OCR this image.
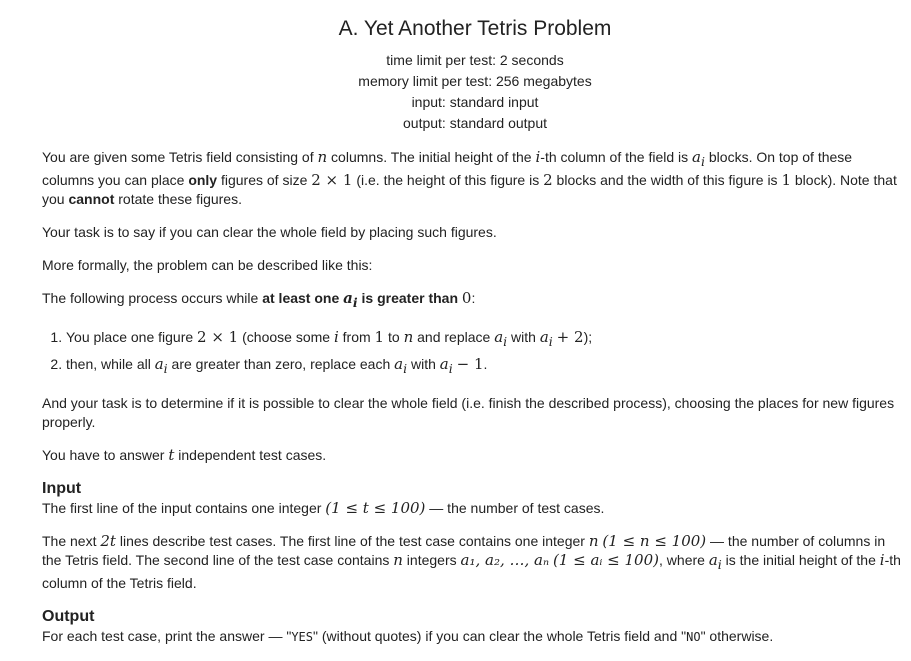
A. Yet Another Tetris Problem
time limit per test: 2 seconds
memory limit per test: 256 megabytes
input: standard input
output: standard output

You are given some Tetris field consisting of n columns. The initial height of the i-th column of the field is $a_i$ blocks. On top of these columns you can place only figures of size 2 × 1 (i.e. the height of this figure is 2 blocks and the width of this figure is 1 block). Note that you cannot rotate these figures.

Your task is to say if you can clear the whole field by placing such figures.

More formally, the problem can be described like this:

The following process occurs while at least one $a_i$ is greater than 0:

1. You place one figure 2 × 1 (choose some i from 1 to n and replace $a_i$ with $a_i + 2$);
2. then, while all $a_i$ are greater than zero, replace each $a_i$ with $a_i - 1$.

And your task is to determine if it is possible to clear the whole field (i.e. finish the described process), choosing the places for new figures properly.

You have to answer t independent test cases.

Input

The first line of the input contains one integer (1 ≤ t ≤ 100) — the number of test cases.

The next 2t lines describe test cases. The first line of the test case contains one integer n (1 ≤ n ≤ 100) — the number of columns in the Tetris field. The second line of the test case contains n integers a₁, a₂, …, aₙ (1 ≤ aᵢ ≤ 100), where $a_i$ is the initial height of the i-th column of the Tetris field.

Output

For each test case, print the answer — "YES" (without quotes) if you can clear the whole Tetris field and "NO" otherwise.
